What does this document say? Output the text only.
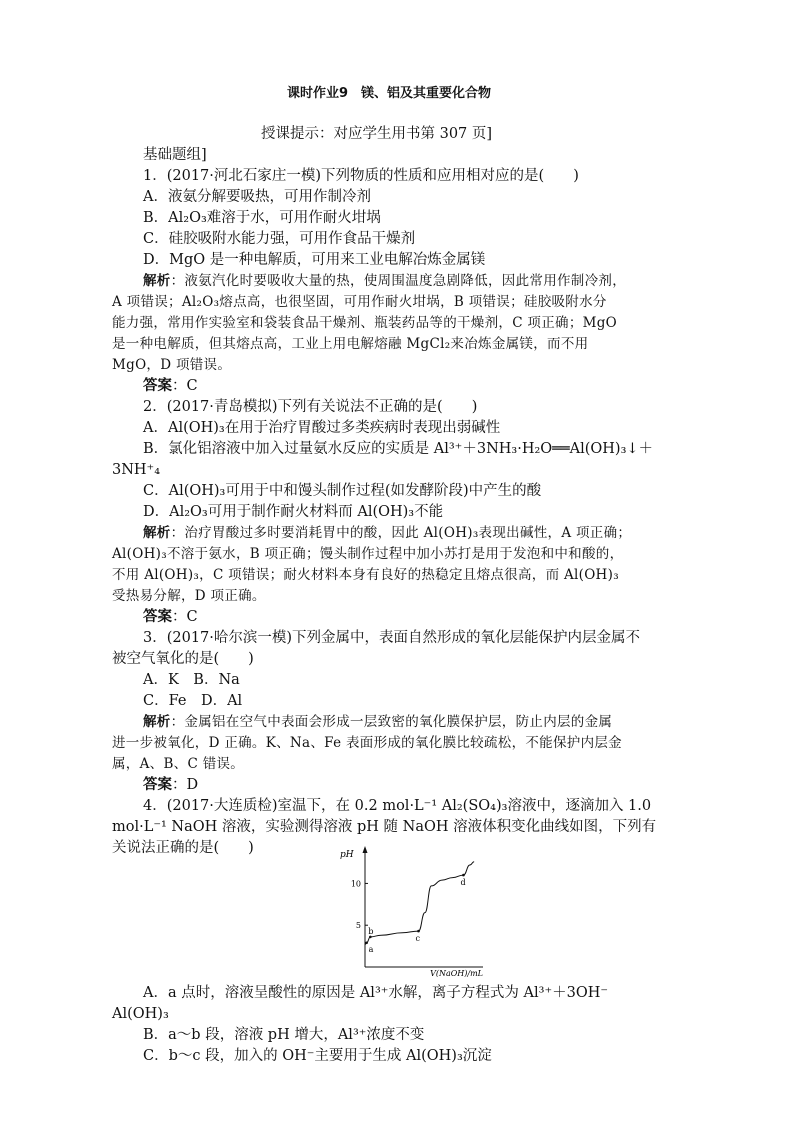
课时作业9　镁、铝及其重要化合物
授课提示：对应学生用书第 307 页]
基础题组]
1．(2017·河北石家庄一模)下列物质的性质和应用相对应的是(　　)
A．液氨分解要吸热，可用作制冷剂
B．Al₂O₃难溶于水，可用作耐火坩埚
C．硅胶吸附水能力强，可用作食品干燥剂
D．MgO 是一种电解质，可用来工业电解冶炼金属镁
解析：液氨汽化时要吸收大量的热，使周围温度急剧降低，因此常用作制冷剂，
A 项错误；Al₂O₃熔点高，也很坚固，可用作耐火坩埚，B 项错误；硅胶吸附水分
能力强，常用作实验室和袋装食品干燥剂、瓶装药品等的干燥剂，C 项正确；MgO
是一种电解质，但其熔点高，工业上用电解熔融 MgCl₂来冶炼金属镁，而不用
MgO，D 项错误。
答案：C
2．(2017·青岛模拟)下列有关说法不正确的是(　　)
A．Al(OH)₃在用于治疗胃酸过多类疾病时表现出弱碱性
B．氯化铝溶液中加入过量氨水反应的实质是 Al³⁺＋3NH₃·H₂O══Al(OH)₃↓＋
3NH⁺₄
C．Al(OH)₃可用于中和馒头制作过程(如发酵阶段)中产生的酸
D．Al₂O₃可用于制作耐火材料而 Al(OH)₃不能
解析：治疗胃酸过多时要消耗胃中的酸，因此 Al(OH)₃表现出碱性，A 项正确；
Al(OH)₃不溶于氨水，B 项正确；馒头制作过程中加小苏打是用于发泡和中和酸的，
不用 Al(OH)₃，C 项错误；耐火材料本身有良好的热稳定且熔点很高，而 Al(OH)₃
受热易分解，D 项正确。
答案：C
3．(2017·哈尔滨一模)下列金属中，表面自然形成的氧化层能保护内层金属不
被空气氧化的是(　　)
A．K　B．Na
C．Fe　D．Al
解析：金属铝在空气中表面会形成一层致密的氧化膜保护层，防止内层的金属
进一步被氧化，D 正确。K、Na、Fe 表面形成的氧化膜比较疏松，不能保护内层金
属，A、B、C 错误。
答案：D
4．(2017·大连质检)室温下，在 0.2 mol·L⁻¹ Al₂(SO₄)₃溶液中，逐滴加入 1.0
mol·L⁻¹ NaOH 溶液，实验测得溶液 pH 随 NaOH 溶液体积变化曲线如图，下列有
关说法正确的是(　　)	pH
V(NaOH)/mL
5
10
a
b
c
d
A．a 点时，溶液呈酸性的原因是 Al³⁺水解，离子方程式为 Al³⁺＋3OH⁻
Al(OH)₃
B．a～b 段，溶液 pH 增大，Al³⁺浓度不变
C．b～c 段，加入的 OH⁻主要用于生成 Al(OH)₃沉淀
